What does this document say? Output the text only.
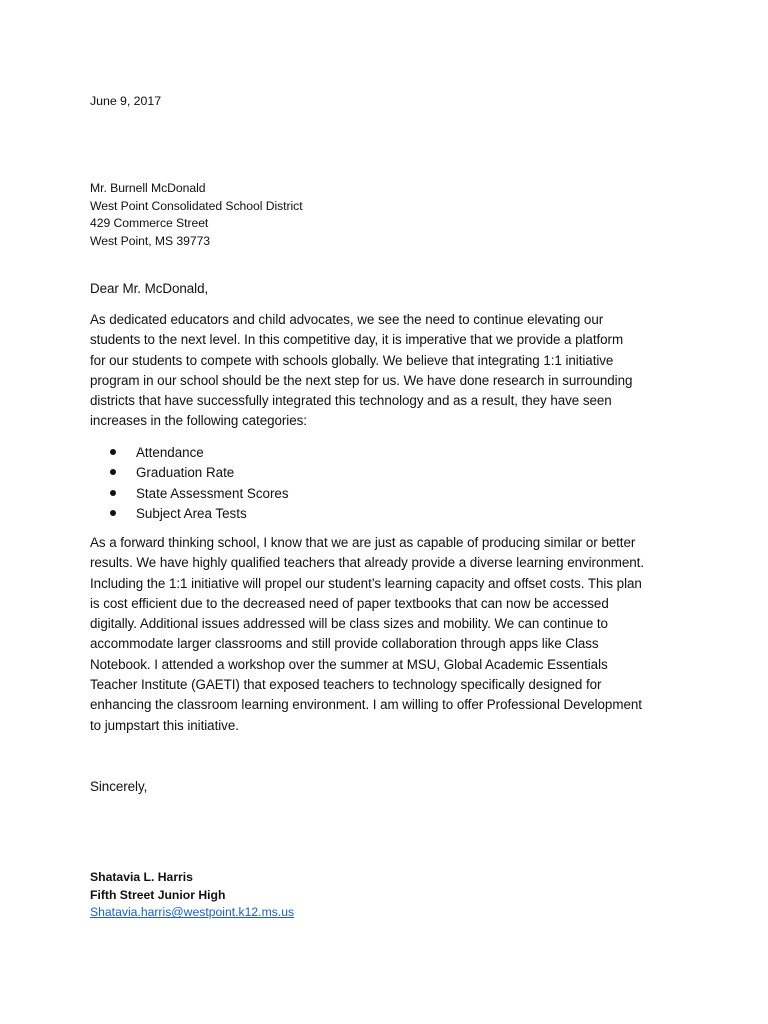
June 9, 2017
Mr. Burnell McDonald
West Point Consolidated School District
429 Commerce Street
West Point, MS 39773
Dear Mr. McDonald,
As dedicated educators and child advocates, we see the need to continue elevating our
students to the next level. In this competitive day, it is imperative that we provide a platform
for our students to compete with schools globally. We believe that integrating 1:1 initiative
program in our school should be the next step for us. We have done research in surrounding
districts that have successfully integrated this technology and as a result, they have seen
increases in the following categories:
Attendance
Graduation Rate
State Assessment Scores
Subject Area Tests
As a forward thinking school, I know that we are just as capable of producing similar or better
results. We have highly qualified teachers that already provide a diverse learning environment.
Including the 1:1 initiative will propel our student’s learning capacity and offset costs. This plan
is cost efficient due to the decreased need of paper textbooks that can now be accessed
digitally. Additional issues addressed will be class sizes and mobility. We can continue to
accommodate larger classrooms and still provide collaboration through apps like Class
Notebook. I attended a workshop over the summer at MSU, Global Academic Essentials
Teacher Institute (GAETI) that exposed teachers to technology specifically designed for
enhancing the classroom learning environment. I am willing to offer Professional Development
to jumpstart this initiative.
Sincerely,
Shatavia L. Harris
Fifth Street Junior High
Shatavia.harris@westpoint.k12.ms.us
